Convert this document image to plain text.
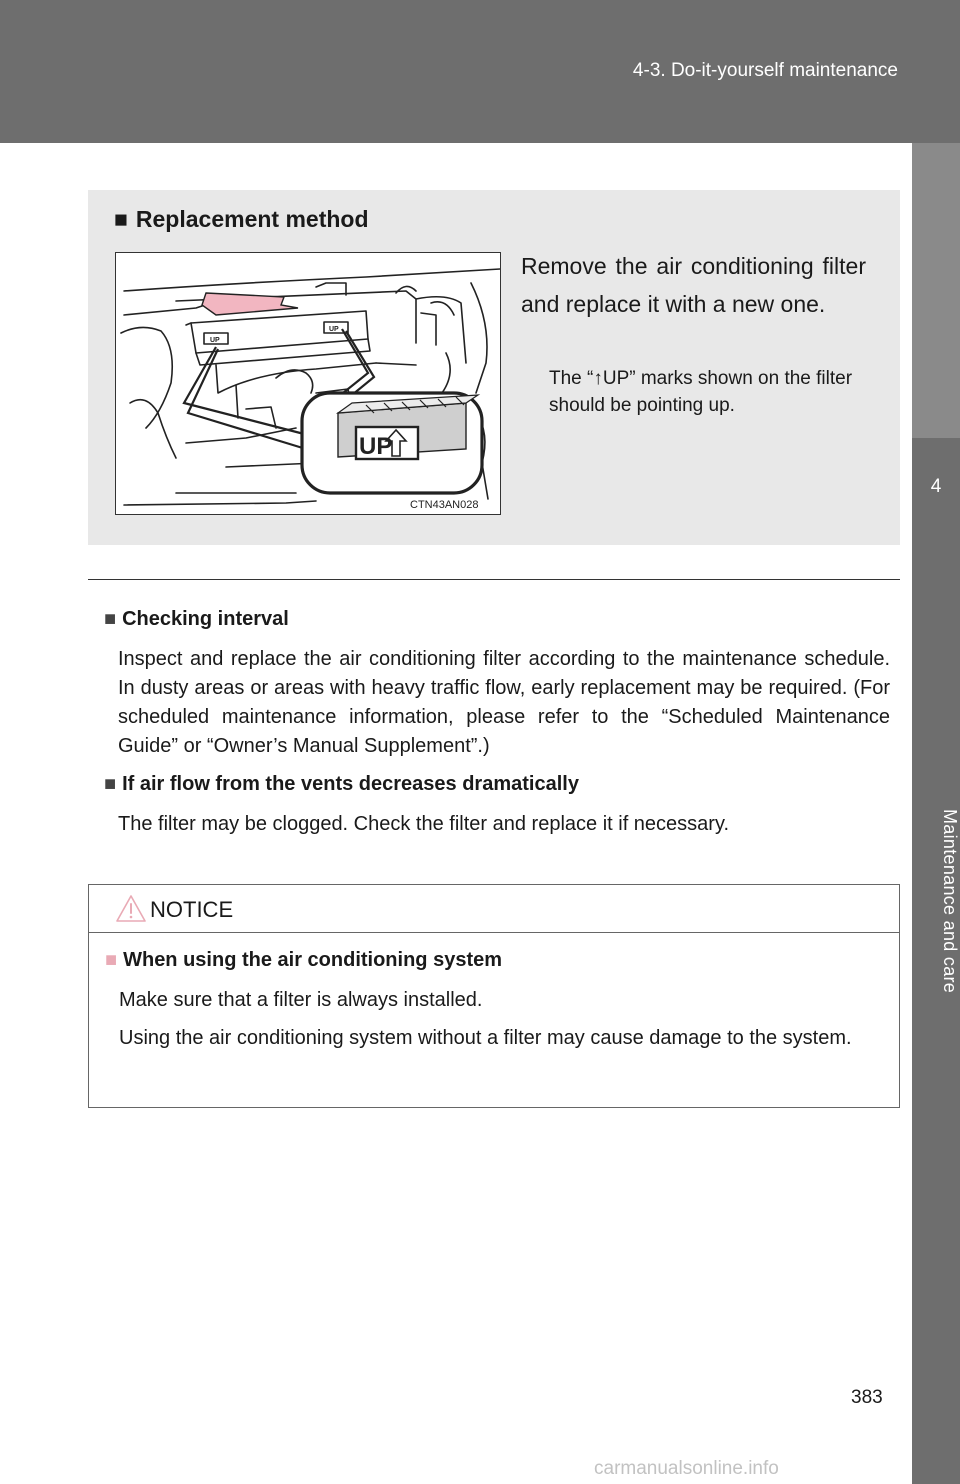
4-3. Do-it-yourself maintenance
4
Maintenance and care
■ Replacement method
UP
UP
UP
CTN43AN028
Remove the air conditioning filter and replace it with a new one.
The “↑UP” marks shown on the filter should be pointing up.
■ Checking interval
Inspect and replace the air conditioning filter according to the maintenance schedule. In dusty areas or areas with heavy traffic flow, early replacement may be required. (For scheduled maintenance information, please refer to the “Scheduled Maintenance Guide” or “Owner’s Manual Supplement”.)
■ If air flow from the vents decreases dramatically
The filter may be clogged. Check the filter and replace it if necessary.
NOTICE
■ When using the air conditioning system
Make sure that a filter is always installed.
Using the air conditioning system without a filter may cause damage to the system.
383
carmanualsonline.info
